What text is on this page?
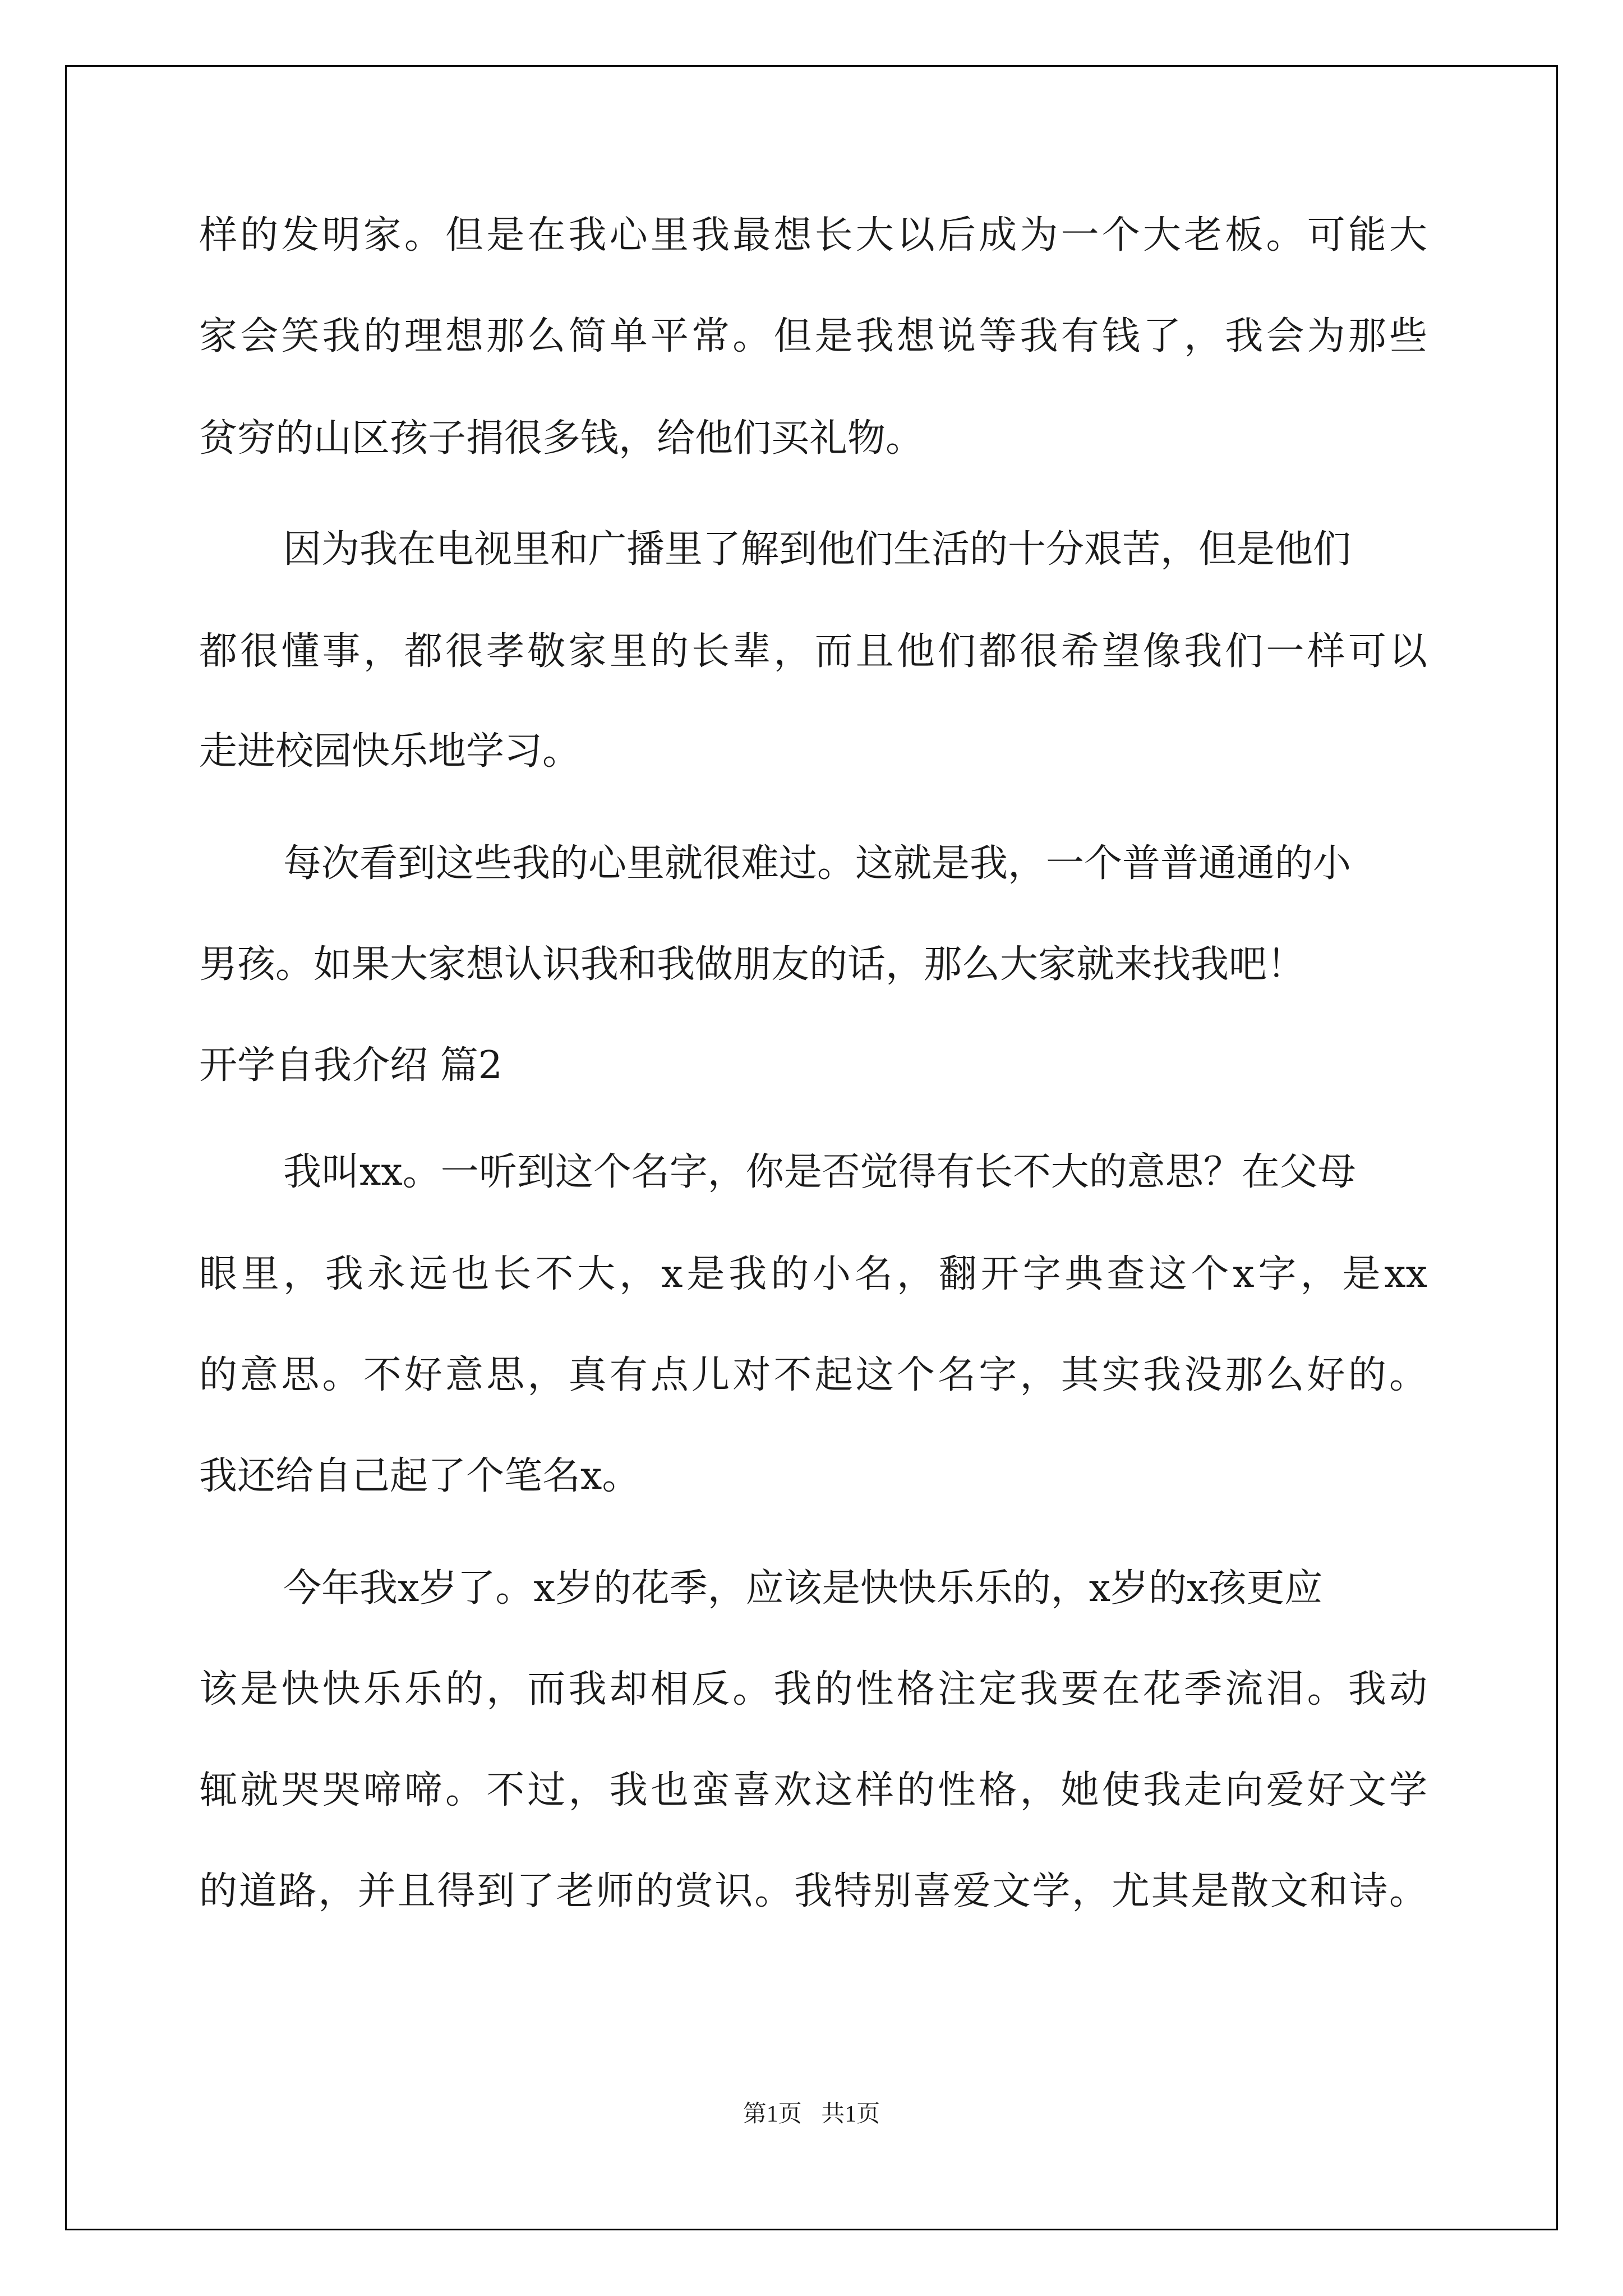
样的发明家。但是在我心里我最想长大以后成为一个大老板。可能大
家会笑我的理想那么简单平常。但是我想说等我有钱了，我会为那些
贫穷的山区孩子捐很多钱，给他们买礼物。
因为我在电视里和广播里了解到他们生活的十分艰苦，但是他们
都很懂事，都很孝敬家里的长辈，而且他们都很希望像我们一样可以
走进校园快乐地学习。
每次看到这些我的心里就很难过。这就是我，一个普普通通的小
男孩。如果大家想认识我和我做朋友的话，那么大家就来找我吧！
开学自我介绍 篇2
我叫xx。一听到这个名字，你是否觉得有长不大的意思？在父母
眼里，我永远也长不大，x是我的小名，翻开字典查这个x字，是xx
的意思。不好意思，真有点儿对不起这个名字，其实我没那么好的。
我还给自己起了个笔名x。
今年我x岁了。x岁的花季，应该是快快乐乐的，x岁的x孩更应
该是快快乐乐的，而我却相反。我的性格注定我要在花季流泪。我动
辄就哭哭啼啼。不过，我也蛮喜欢这样的性格，她使我走向爱好文学
的道路，并且得到了老师的赏识。我特别喜爱文学，尤其是散文和诗。
第1页 共1页
